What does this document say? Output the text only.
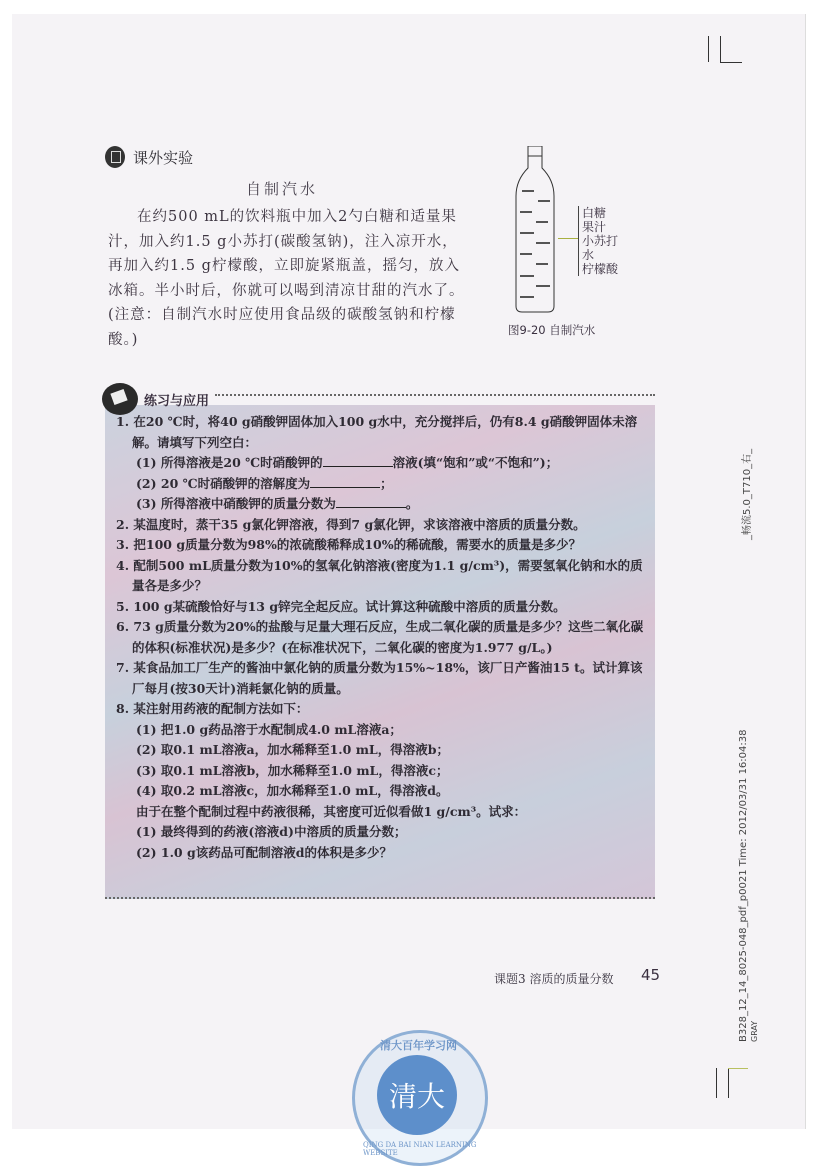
课外实验
自制汽水
在约500 mL的饮料瓶中加入2勺白糖和适量果汁，加入约1.5 g小苏打(碳酸氢钠)，注入凉开水，再加入约1.5 g柠檬酸，立即旋紧瓶盖，摇匀，放入冰箱。半小时后，你就可以喝到清凉甘甜的汽水了。(注意：自制汽水时应使用食品级的碳酸氢钠和柠檬酸。)
白糖
果汁
小苏打
水
柠檬酸
图9-20 自制汽水
练习与应用
1. 在20 ℃时，将40 g硝酸钾固体加入100 g水中，充分搅拌后，仍有8.4 g硝酸钾固体未溶解。请填写下列空白：
(1) 所得溶液是20 ℃时硝酸钾的	溶液(填“饱和”或“不饱和”)；
(2) 20 ℃时硝酸钾的溶解度为	；
(3) 所得溶液中硝酸钾的质量分数为	。
2. 某温度时，蒸干35 g氯化钾溶液，得到7 g氯化钾，求该溶液中溶质的质量分数。
3. 把100 g质量分数为98%的浓硫酸稀释成10%的稀硫酸，需要水的质量是多少？
4. 配制500 mL质量分数为10%的氢氧化钠溶液(密度为1.1 g/cm³)，需要氢氧化钠和水的质量各是多少？
5. 100 g某硫酸恰好与13 g锌完全起反应。试计算这种硫酸中溶质的质量分数。
6. 73 g质量分数为20%的盐酸与足量大理石反应，生成二氧化碳的质量是多少？这些二氧化碳的体积(标准状况)是多少？(在标准状况下，二氧化碳的密度为1.977 g/L。)
7. 某食品加工厂生产的酱油中氯化钠的质量分数为15%~18%，该厂日产酱油15 t。试计算该厂每月(按30天计)消耗氯化钠的质量。
8. 某注射用药液的配制方法如下：
(1) 把1.0 g药品溶于水配制成4.0 mL溶液a；
(2) 取0.1 mL溶液a，加水稀释至1.0 mL，得溶液b；
(3) 取0.1 mL溶液b，加水稀释至1.0 mL，得溶液c；
(4) 取0.2 mL溶液c，加水稀释至1.0 mL，得溶液d。
由于在整个配制过程中药液很稀，其密度可近似看做1 g/cm³。试求：
(1) 最终得到的药液(溶液d)中溶质的质量分数；
(2) 1.0 g该药品可配制溶液d的体积是多少？
课题3 溶质的质量分数 45
_畅流5.0_T710_右_
B328_12_14_8025-048_pdf_p0021 Time: 2012/03/31 16:04:38 GRAY
清大百年学习网
清大
QING DA BAI NIAN LEARNING WEBSITE
